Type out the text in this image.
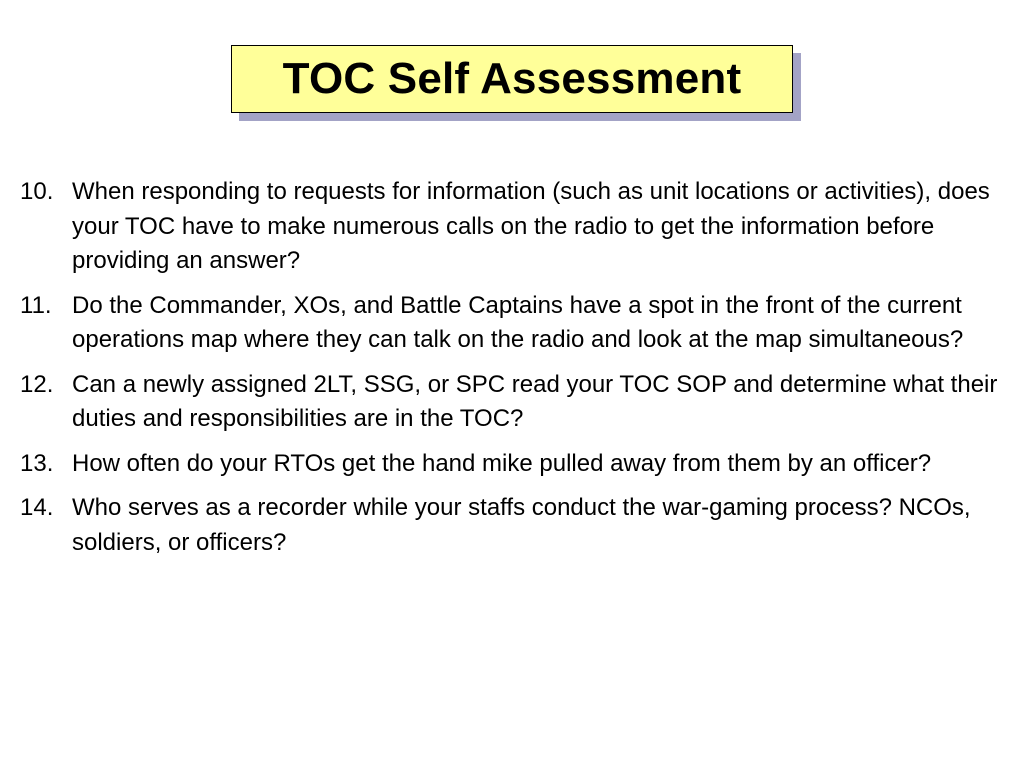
TOC Self Assessment
10. When responding to requests for information (such as unit locations or activities), does your TOC have to make numerous calls on the radio to get the information before providing an answer?
11. Do the Commander, XOs, and Battle Captains have a spot in the front of the current operations map where they can talk on the radio and look at the map simultaneous?
12. Can a newly assigned 2LT, SSG, or SPC read your TOC SOP and determine what their duties and responsibilities are in the TOC?
13. How often do your RTOs get the hand mike pulled away from them by an officer?
14. Who serves as a recorder while your staffs conduct the war-gaming process? NCOs, soldiers, or officers?
